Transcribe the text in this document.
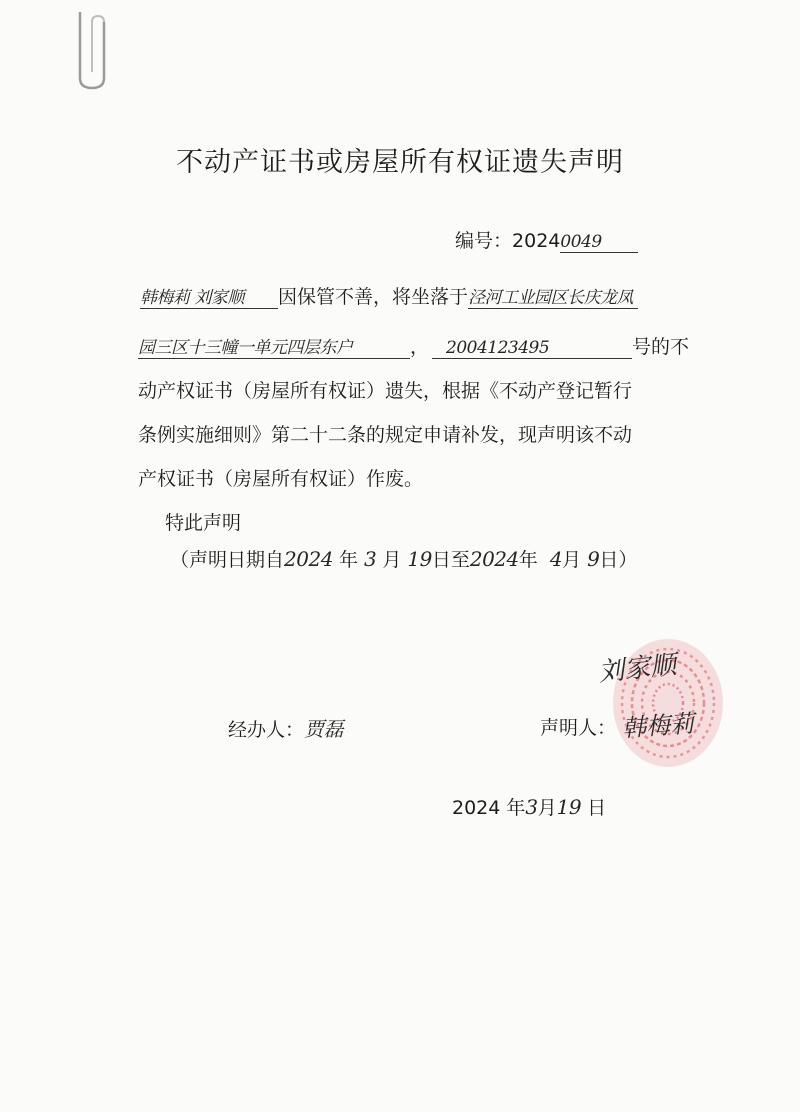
不动产证书或房屋所有权证遗失声明
编号：20240049
韩梅莉 刘家顺 因保管不善，将坐落于泾河工业园区长庆龙凤
园三区十三幢一单元四层东户	， 2004123495	号的不
动产权证书（房屋所有权证）遗失，根据《不动产登记暂行
条例实施细则》第二十二条的规定申请补发，现声明该不动
产权证书（房屋所有权证）作废。
特此声明
（声明日期自2024 年 3 月 19日至2024年 4月 9日）
刘家顺
经办人：贾磊	声明人： 韩梅莉
2024 年3月19 日
